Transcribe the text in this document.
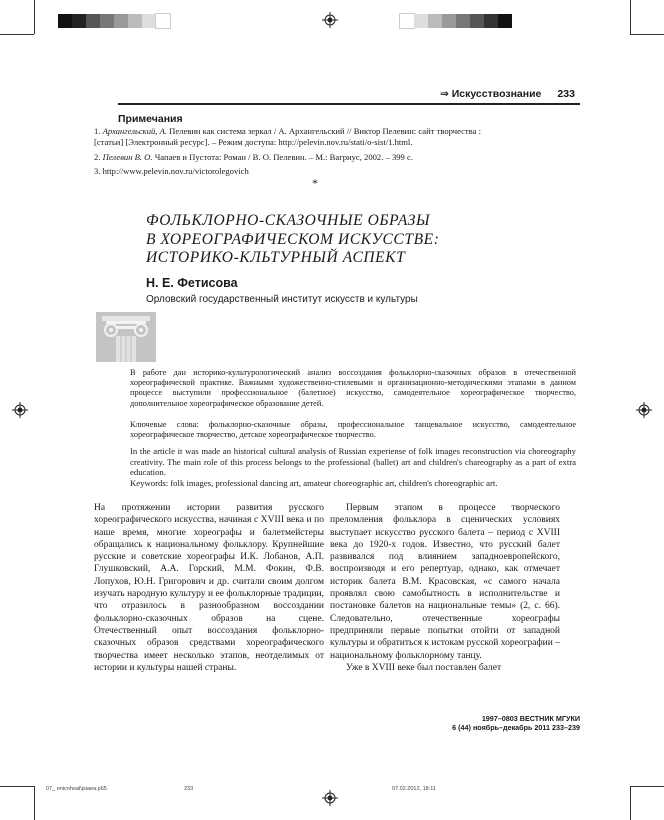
⇒ Искусствознание 233
Примечания
1. Архангельский, А. Пелевин как система зеркал / А. Архангельский // Виктор Пелевин: сайт творчества :
[статьи] [Электронный ресурс]. – Режим доступа: http://pelevin.nov.ru/stati/o-sist/1.html.
2. Пелевин В. О. Чапаев и Пустота: Роман / В. О. Пелевин. – М.: Вагриус, 2002. – 399 с.
3. http://www.pelevin.nov.ru/victorolegovich
*
ФОЛЬКЛОРНО-СКАЗОЧНЫЕ ОБРАЗЫ
В ХОРЕОГРАФИЧЕСКОМ ИСКУССТВЕ:
ИСТОРИКО-КЛЬТУРНЫЙ АСПЕКТ
Н. Е. Фетисова
Орловский государственный институт искусств и культуры
В работе дан историко-культурологический анализ воссоздания фольклорно-сказочных образов в отечественной хореографической практике. Важными художественно-стилевыми и организационно-методическими этапами в данном процессе выступили профессиональное (балетное) искусство, самодеятельное хореографическое творчество, дополнительное хореографическое образование детей.
Ключевые слова: фольклорно-сказочные образы, профессиональное танцевальное искусство, самодеятельное хореографическое творчество, детское хореографическое творчество.
In the article it was made an historical cultural analysis of Russian experiense of folk images reconstruction via choreography creativity. The main role of this process belongs to the professional (ballet) art and children's chareography as a part of extra education.
Keywords: folk images, professional dancing art, amateur choreographic art, children's choreographic art.

На протяжении истории развития русского хореографического искусства, начиная с XVIII века и по наше время, многие хореографы и балетмейстеры обращались к национальному фольклору. Крупнейшие русские и советские хореографы И.К. Лобанов, А.П. Глушковский, А.А. Горский, М.М. Фокин, Ф.В. Лопухов, Ю.Н. Григорович и др. считали своим долгом изучать народную культуру и ее фольклорные традиции, что отразилось в разнообразном воссоздании фольклорно-сказочных образов на сцене. Отечественный опыт воссоздания фольклорно-сказочных образов средствами хореографического творчества имеет несколько этапов, неотделимых от истории и культуры нашей страны.

Первым этапом в процессе творческого преломления фольклора в сценических условиях выступает искусство русского балета – период с XVIII века до 1920-х годов. Известно, что русский балет развивался под влиянием западноевропейского, воспроизводя и его репертуар, однако, как отмечает историк балета В.М. Красовская, «с самого начала проявлял свою самобытность в исполнительстве и постановке балетов на национальные темы» (2, с. 66). Следовательно, отечественные хореографы предприняли первые попытки отойти от западной культуры и обратиться к истокам русской хореографии – национальному фольклорному танцу.

Уже в XVIII веке был поставлен балет

1997–0803 ВЕСТНИК МГУКИ
6 (44) ноябрь–декабрь 2011 233–239
07_ enicnhoal\jsiaea.p65	233	07.02.2012, 18:11
